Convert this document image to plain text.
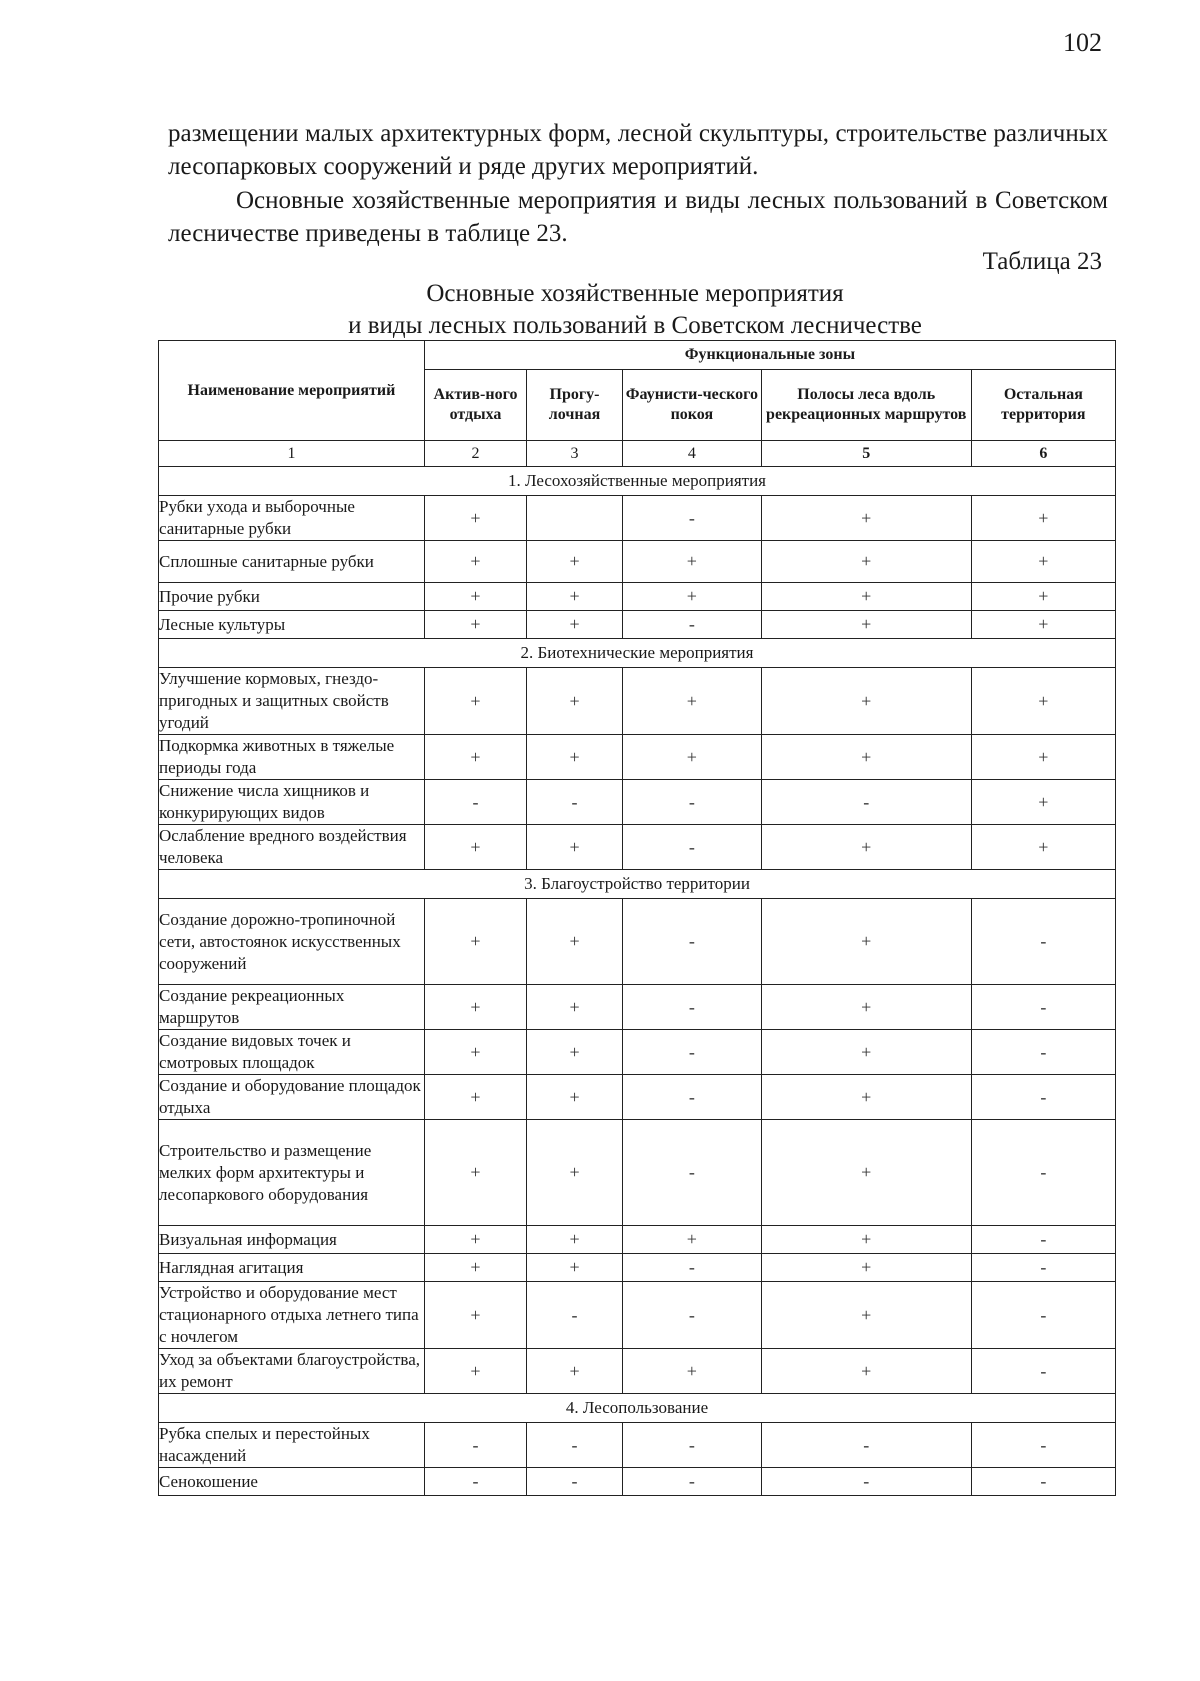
102
размещении малых архитектурных форм, лесной скульптуры, строительстве различных лесопарковых сооружений и ряде других мероприятий.
Основные хозяйственные мероприятия и виды лесных пользований в Советском лесничестве приведены в таблице 23.
Таблица 23
Основные хозяйственные мероприятия
и виды лесных пользований в Советском лесничестве
Наименование мероприятий	Функциональные зоны				
	Актив-ного отдыха	Прогу-лочная	Фаунисти-ческого покоя	Полосы леса вдоль рекреационных маршрутов	Остальная территория
1	2	3	4	5	6
1. Лесохозяйственные мероприятия					
Рубки ухода и выборочные санитарные рубки	+		-	+	+
Сплошные санитарные рубки	+	+	+	+	+
Прочие рубки	+	+	+	+	+
Лесные культуры	+	+	-	+	+
2. Биотехнические мероприятия					
Улучшение кормовых, гнездо-пригодных и защитных свойств угодий	+	+	+	+	+
Подкормка животных в тяжелые периоды года	+	+	+	+	+
Снижение числа хищников и конкурирующих видов	-	-	-	-	+
Ослабление вредного воздействия человека	+	+	-	+	+
3. Благоустройство территории					
Создание дорожно-тропиночной сети, автостоянок искусственных сооружений	+	+	-	+	-
Создание рекреационных маршрутов	+	+	-	+	-
Создание видовых точек и смотровых площадок	+	+	-	+	-
Создание и оборудование площадок отдыха	+	+	-	+	-
Строительство и размещение мелких форм архитектуры и лесопаркового оборудования	+	+	-	+	-
Визуальная информация	+	+	+	+	-
Наглядная агитация	+	+	-	+	-
Устройство и оборудование мест стационарного отдыха летнего типа с ночлегом	+	-	-	+	-
Уход за объектами благоустройства, их ремонт	+	+	+	+	-
4. Лесопользование					
Рубка спелых и перестойных насаждений	-	-	-	-	-
Сенокошение	-	-	-	-	-
